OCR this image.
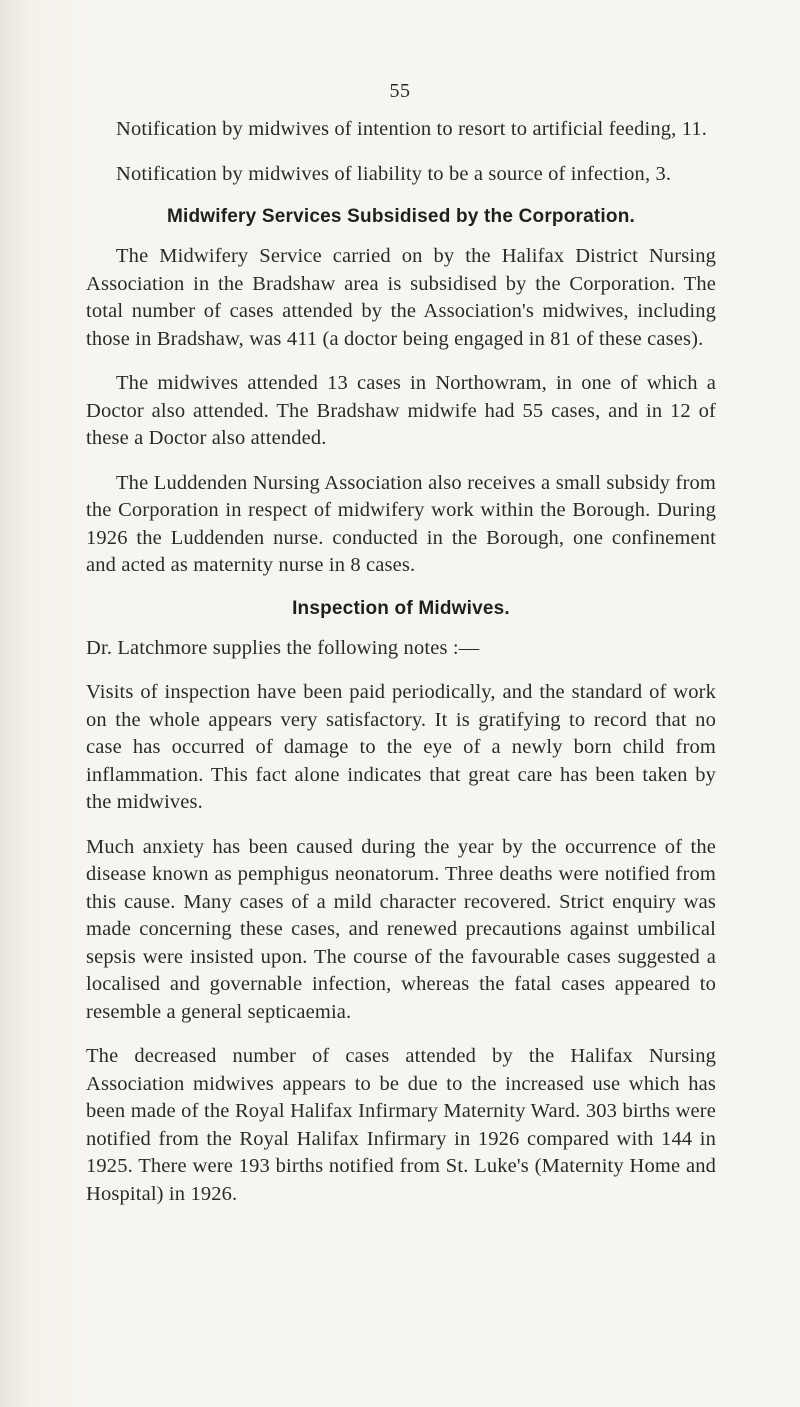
55

Notification by midwives of intention to resort to artificial feeding, 11.

Notification by midwives of liability to be a source of infection, 3.

Midwifery Services Subsidised by the Corporation.

The Midwifery Service carried on by the Halifax District Nursing Association in the Bradshaw area is subsidised by the Corporation. The total number of cases attended by the Association's midwives, including those in Bradshaw, was 411 (a doctor being engaged in 81 of these cases).

The midwives attended 13 cases in Northowram, in one of which a Doctor also attended. The Bradshaw midwife had 55 cases, and in 12 of these a Doctor also attended.

The Luddenden Nursing Association also receives a small subsidy from the Corporation in respect of midwifery work within the Borough. During 1926 the Luddenden nurse. conducted in the Borough, one confinement and acted as maternity nurse in 8 cases.

Inspection of Midwives.

Dr. Latchmore supplies the following notes :—

Visits of inspection have been paid periodically, and the standard of work on the whole appears very satisfactory. It is gratifying to record that no case has occurred of damage to the eye of a newly born child from inflammation. This fact alone indicates that great care has been taken by the midwives.

Much anxiety has been caused during the year by the occurrence of the disease known as pemphigus neonatorum. Three deaths were notified from this cause. Many cases of a mild character recovered. Strict enquiry was made concerning these cases, and renewed precautions against umbilical sepsis were insisted upon. The course of the favourable cases suggested a localised and governable infection, whereas the fatal cases appeared to resemble a general septicaemia.

The decreased number of cases attended by the Halifax Nursing Association midwives appears to be due to the increased use which has been made of the Royal Halifax Infirmary Maternity Ward. 303 births were notified from the Royal Halifax Infirmary in 1926 compared with 144 in 1925. There were 193 births notified from St. Luke's (Maternity Home and Hospital) in 1926.
